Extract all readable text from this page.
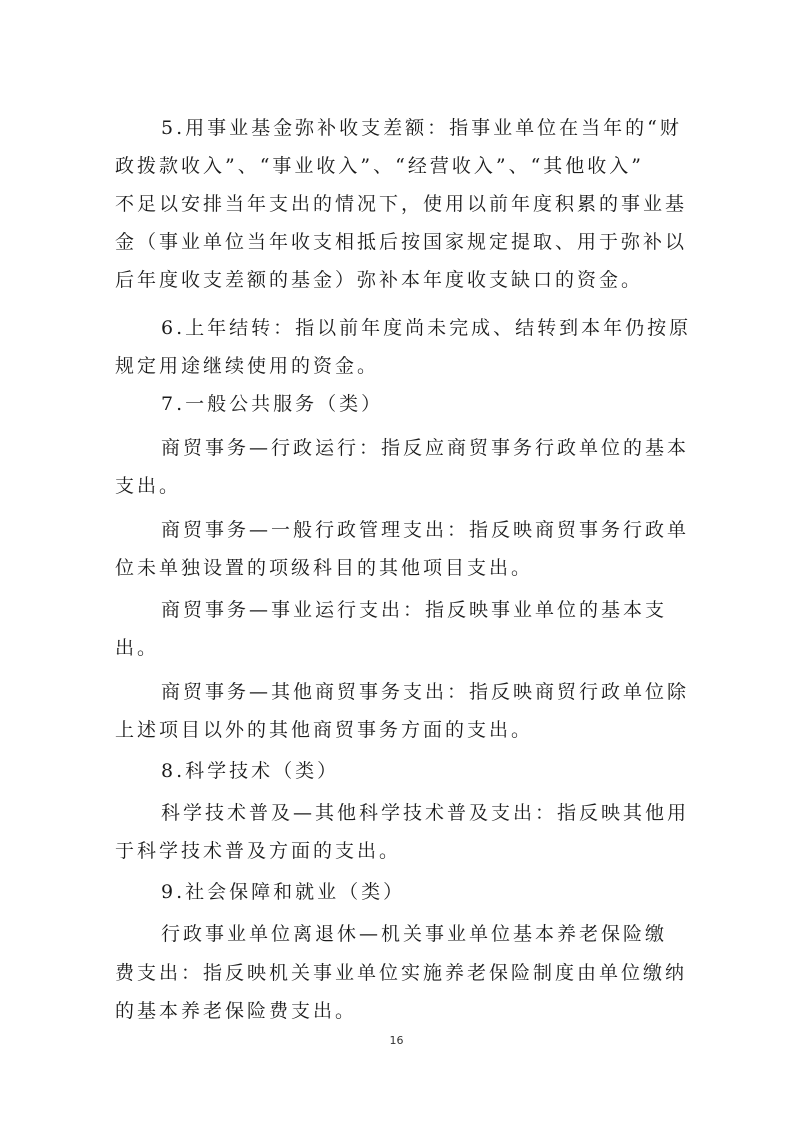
5.用事业基金弥补收支差额：指事业单位在当年的“财

政拨款收入”、“事业收入”、“经营收入”、“其他收入”

不足以安排当年支出的情况下，使用以前年度积累的事业基

金（事业单位当年收支相抵后按国家规定提取、用于弥补以

后年度收支差额的基金）弥补本年度收支缺口的资金。

6.上年结转：指以前年度尚未完成、结转到本年仍按原

规定用途继续使用的资金。

7.一般公共服务（类）

商贸事务—行政运行：指反应商贸事务行政单位的基本

支出。

商贸事务—一般行政管理支出：指反映商贸事务行政单

位未单独设置的项级科目的其他项目支出。

商贸事务—事业运行支出：指反映事业单位的基本支

出。

商贸事务—其他商贸事务支出：指反映商贸行政单位除

上述项目以外的其他商贸事务方面的支出。

8.科学技术（类）

科学技术普及—其他科学技术普及支出：指反映其他用

于科学技术普及方面的支出。

9.社会保障和就业（类）

行政事业单位离退休—机关事业单位基本养老保险缴

费支出：指反映机关事业单位实施养老保险制度由单位缴纳

的基本养老保险费支出。

16
